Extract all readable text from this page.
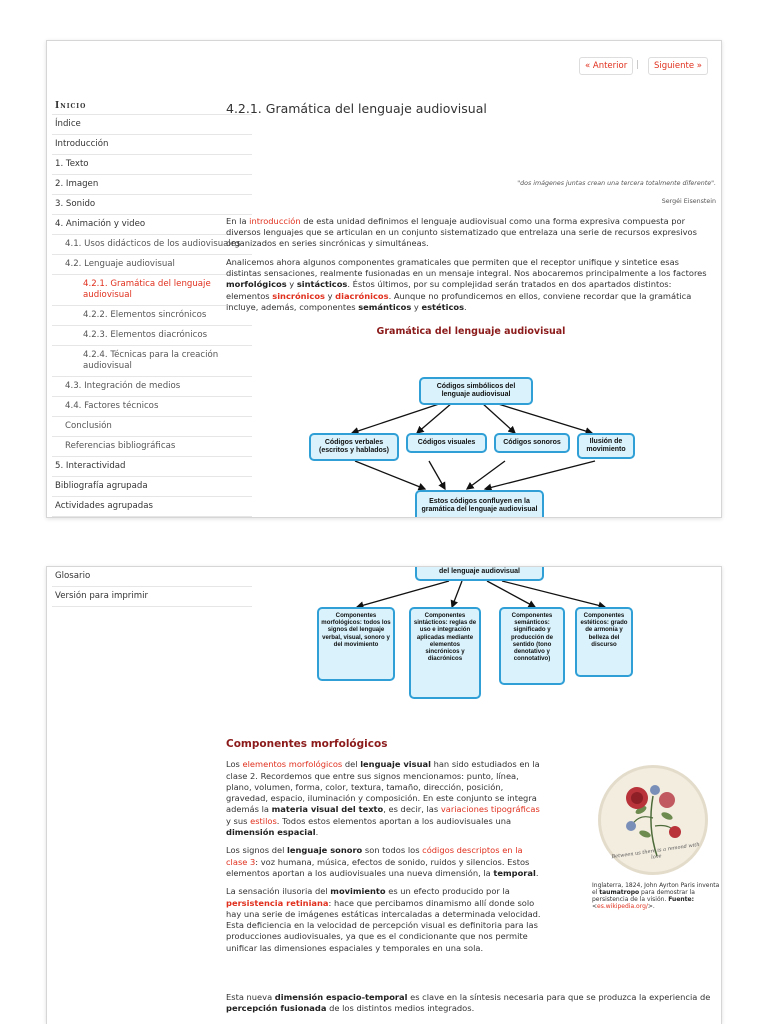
« Anterior |	Siguiente »
Inicio
Índice
Introducción
1. Texto
2. Imagen
3. Sonido
4. Animación y video
4.1. Usos didácticos de los audiovisuales
4.2. Lenguaje audiovisual
4.2.1. Gramática del lenguaje audiovisual
4.2.2. Elementos sincrónicos
4.2.3. Elementos diacrónicos
4.2.4. Técnicas para la creación audiovisual
4.3. Integración de medios
4.4. Factores técnicos
Conclusión
Referencias bibliográficas
5. Interactividad
Bibliografía agrupada
Actividades agrupadas
4.2.1. Gramática del lenguaje audiovisual
"dos imágenes juntas crean una tercera totalmente diferente".
Sergéi Eisenstein

En la introducción de esta unidad definimos el lenguaje audiovisual como una forma expresiva compuesta por diversos lenguajes que se articulan en un conjunto sistematizado que entrelaza una serie de recursos expresivos organizados en series sincrónicas y simultáneas.

Analicemos ahora algunos componentes gramaticales que permiten que el receptor unifique y sintetice esas distintas sensaciones, realmente fusionadas en un mensaje integral. Nos abocaremos principalmente a los factores morfológicos y sintácticos. Éstos últimos, por su complejidad serán tratados en dos apartados distintos: elementos sincrónicos y diacrónicos. Aunque no profundicemos en ellos, conviene recordar que la gramática incluye, además, componentes semánticos y estéticos.

Gramática del lenguaje audiovisual
Códigos simbólicos del lenguaje audiovisual
Códigos verbales (escritos y hablados)
Códigos visuales	Códigos sonoros	Ilusión de movimiento
Estos códigos confluyen en la gramática del lenguaje audiovisual
Glosario
Versión para imprimir
del lenguaje audiovisual
Componentes morfológicos: todos los signos del lenguaje verbal, visual, sonoro y del movimiento
Componentes sintácticos: reglas de uso e integración aplicadas mediante elementos sincrónicos y diacrónicos
Componentes semánticos: significado y producción de sentido (tono denotativo y connotativo)
Componentes estéticos: grado de armonía y belleza del discurso
Componentes morfológicos

Los elementos morfológicos del lenguaje visual han sido estudiados en la clase 2. Recordemos que entre sus signos mencionamos: punto, línea, plano, volumen, forma, color, textura, tamaño, dirección, posición, gravedad, espacio, iluminación y composición. En este conjunto se integra además la materia visual del texto, es decir, las variaciones tipográficas y sus estilos. Todos estos elementos aportan a los audiovisuales una dimensión espacial.

Los signos del lenguaje sonoro son todos los códigos descriptos en la clase 3: voz humana, música, efectos de sonido, ruidos y silencios. Estos elementos aportan a los audiovisuales una nueva dimensión, la temporal.

La sensación ilusoria del movimiento es un efecto producido por la persistencia retiniana: hace que percibamos dinamismo allí donde solo hay una serie de imágenes estáticas intercaladas a determinada velocidad. Esta deficiencia en la velocidad de percepción visual es definitoria para las producciones audiovisuales, ya que es el condicionante que nos permite unificar las dimensiones espaciales y temporales en una sola.

Esta nueva dimensión espacio-temporal es clave en la síntesis necesaria para que se produzca la experiencia de percepción fusionada de los distintos medios integrados.

Between us there is a remond with love
Inglaterra, 1824, John Ayrton Paris inventa el taumatropo para demostrar la persistencia de la visión. Fuente: <es.wikipedia.org/>.
